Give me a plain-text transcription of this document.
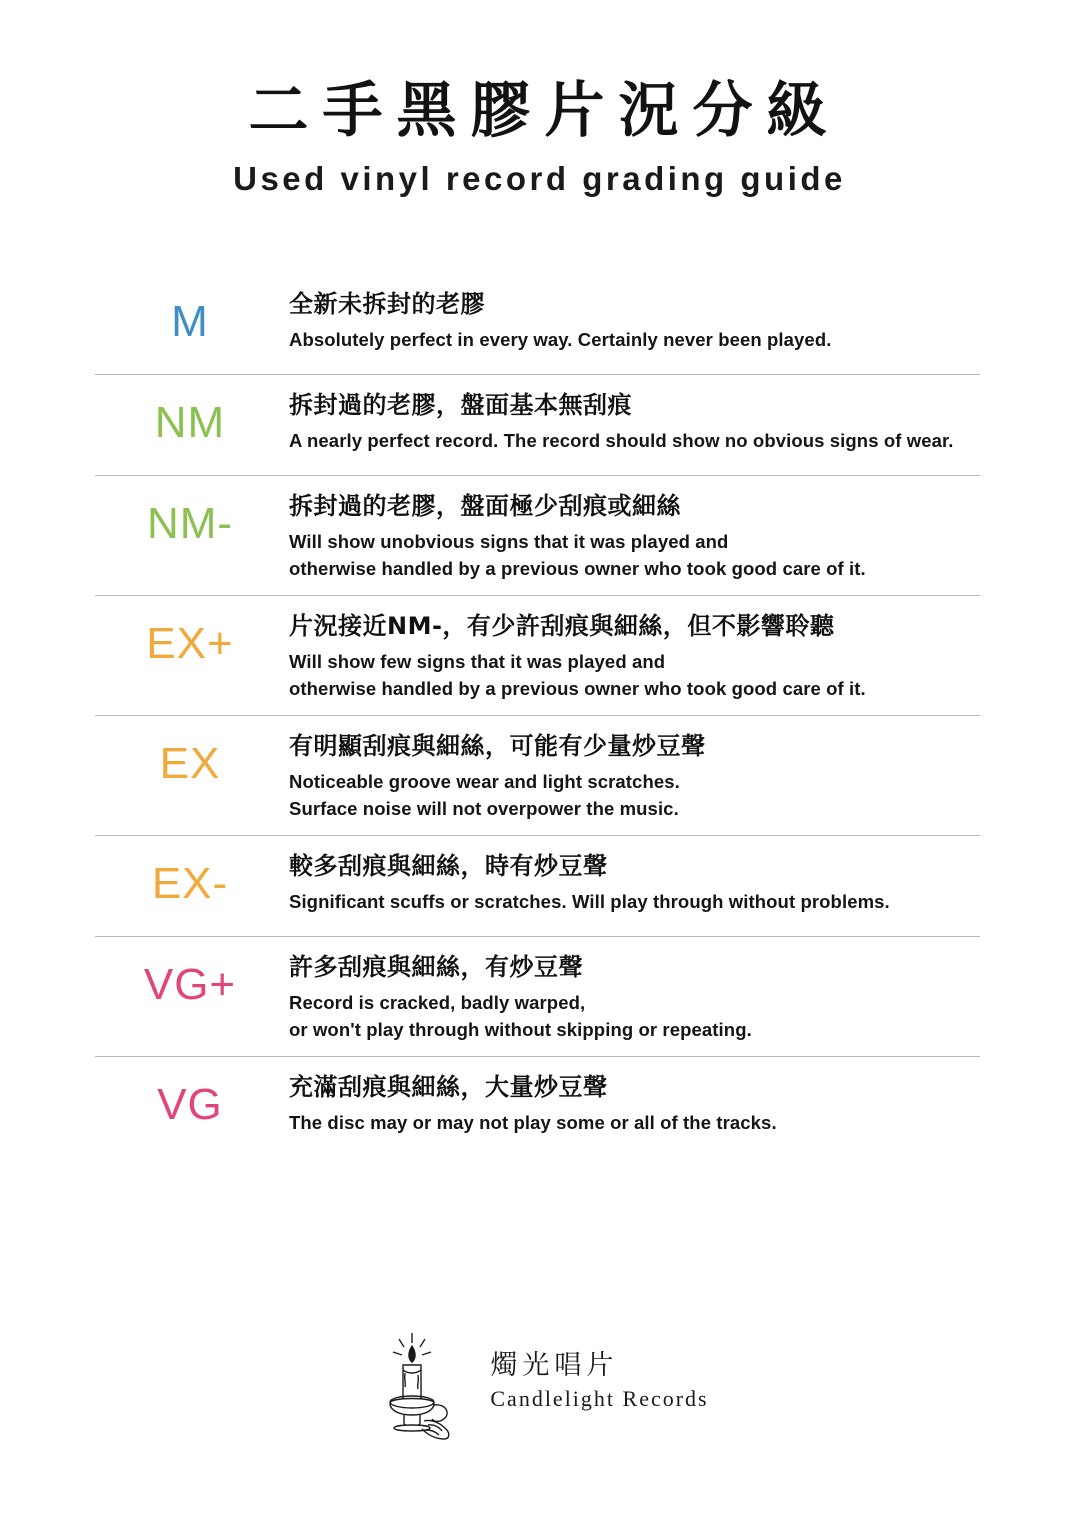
二手黑膠片況分級
Used vinyl record grading guide
M	全新未拆封的老膠
Absolutely perfect in every way. Certainly never been played.
NM	拆封過的老膠，盤面基本無刮痕
A nearly perfect record. The record should show no obvious signs of wear.
NM-	拆封過的老膠，盤面極少刮痕或細絲
Will show unobvious signs that it was played and
otherwise handled by a previous owner who took good care of it.
EX+	片況接近NM-，有少許刮痕與細絲，但不影響聆聽
Will show few signs that it was played and
otherwise handled by a previous owner who took good care of it.
EX	有明顯刮痕與細絲，可能有少量炒豆聲
Noticeable groove wear and light scratches.
Surface noise will not overpower the music.
EX-	較多刮痕與細絲，時有炒豆聲
Significant scuffs or scratches. Will play through without problems.
VG+	許多刮痕與細絲，有炒豆聲
Record is cracked, badly warped,
or won't play through without skipping or repeating.
VG	充滿刮痕與細絲，大量炒豆聲
The disc may or may not play some or all of the tracks.
燭光唱片
Candlelight Records
